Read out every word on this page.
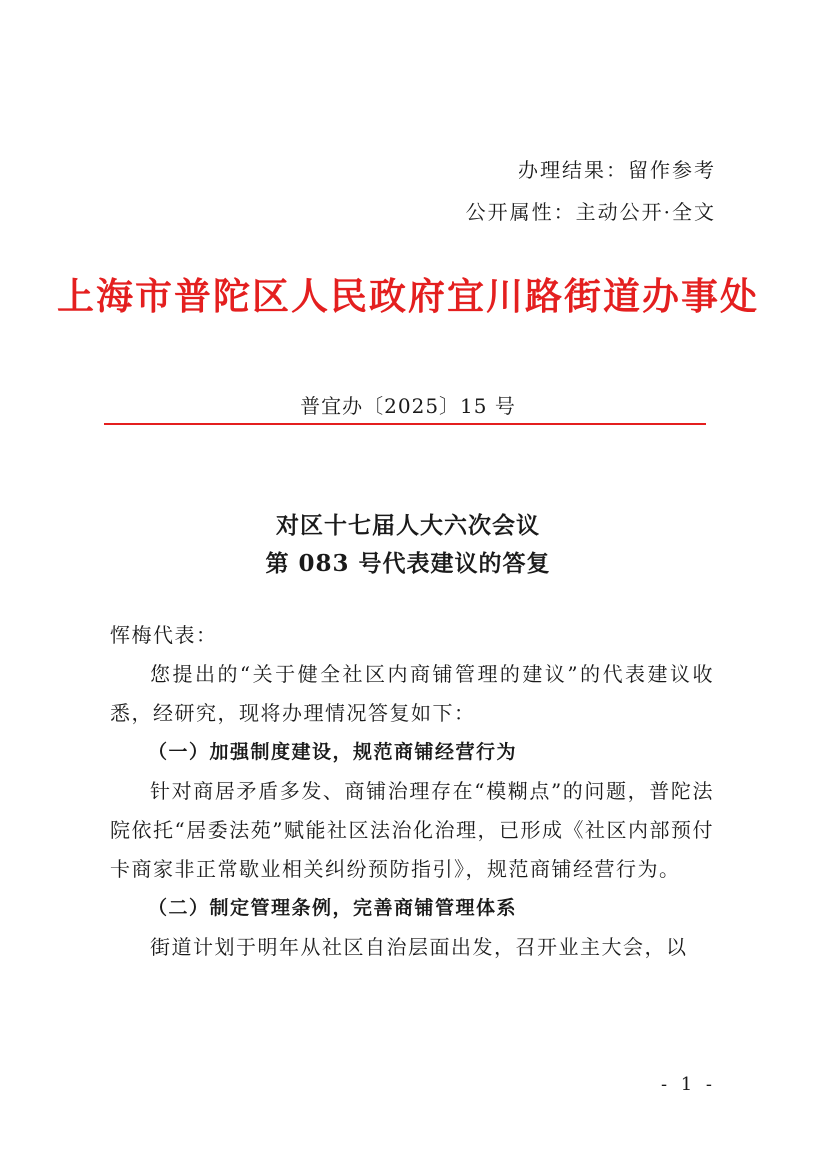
办理结果：留作参考
公开属性：主动公开·全文
上海市普陀区人民政府宜川路街道办事处
普宜办〔2025〕15 号
对区十七届人大六次会议
第 083 号代表建议的答复

恽梅代表：

您提出的“关于健全社区内商铺管理的建议”的代表建议收悉，经研究，现将办理情况答复如下：

（一）加强制度建设，规范商铺经营行为

针对商居矛盾多发、商铺治理存在“模糊点”的问题，普陀法院依托“居委法苑”赋能社区法治化治理，已形成《社区内部预付卡商家非正常歇业相关纠纷预防指引》，规范商铺经营行为。

（二）制定管理条例，完善商铺管理体系

街道计划于明年从社区自治层面出发，召开业主大会，以

- 1 -
